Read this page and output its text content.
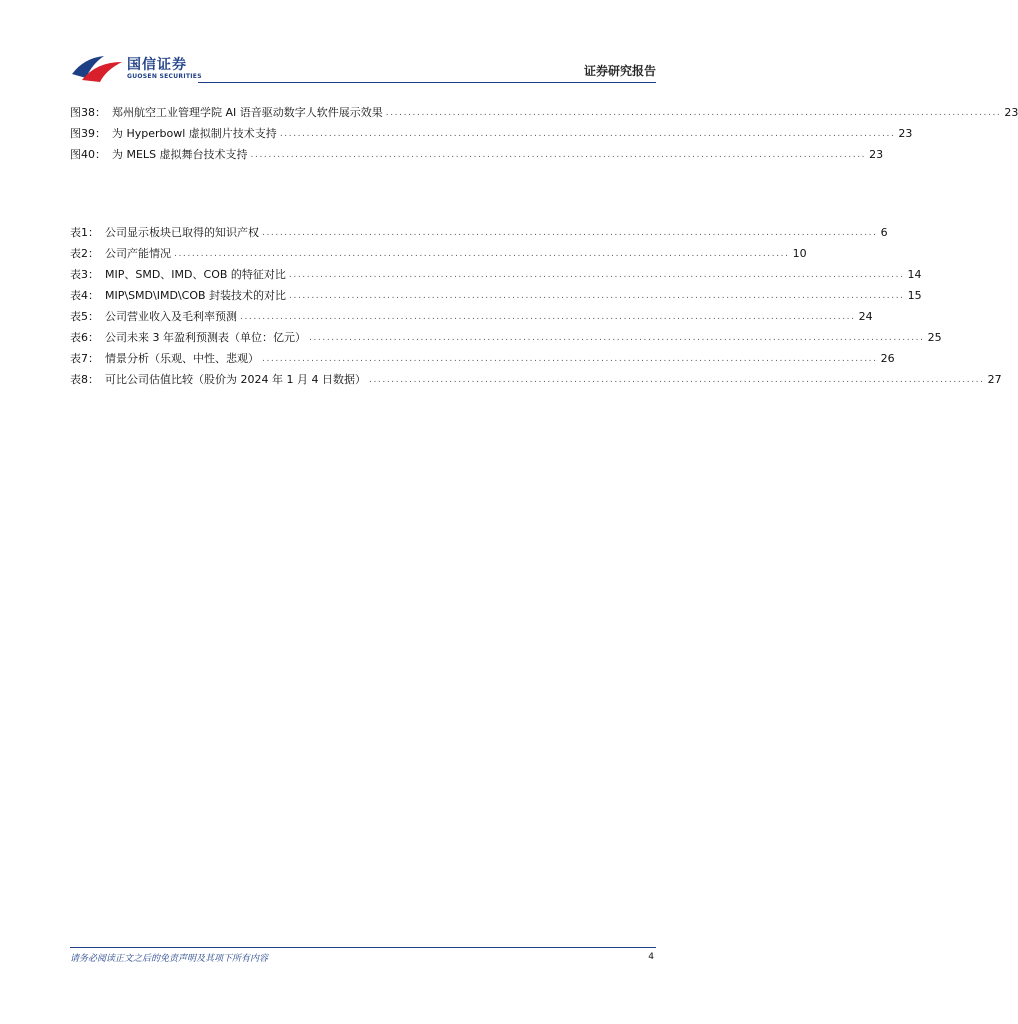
国信证券
GUOSEN SECURITIES	证券研究报告
图38： 郑州航空工业管理学院 AI 语音驱动数字人软件展示效果 .......................................................................................................................................... 23
图39： 为 Hyperbowl 虚拟制片技术支持 .......................................................................................................................................... 23
图40： 为 MELS 虚拟舞台技术支持 .......................................................................................................................................... 23
表1： 公司显示板块已取得的知识产权 .......................................................................................................................................... 6
表2： 公司产能情况 .......................................................................................................................................... 10
表3： MIP、SMD、IMD、COB 的特征对比 .......................................................................................................................................... 14
表4： MIP\SMD\IMD\COB 封装技术的对比 .......................................................................................................................................... 15
表5： 公司营业收入及毛利率预测 .......................................................................................................................................... 24
表6： 公司未来 3 年盈利预测表（单位：亿元） .......................................................................................................................................... 25
表7： 情景分析（乐观、中性、悲观） .......................................................................................................................................... 26
表8： 可比公司估值比较（股价为 2024 年 1 月 4 日数据） .......................................................................................................................................... 27
请务必阅读正文之后的免责声明及其项下所有内容	4
